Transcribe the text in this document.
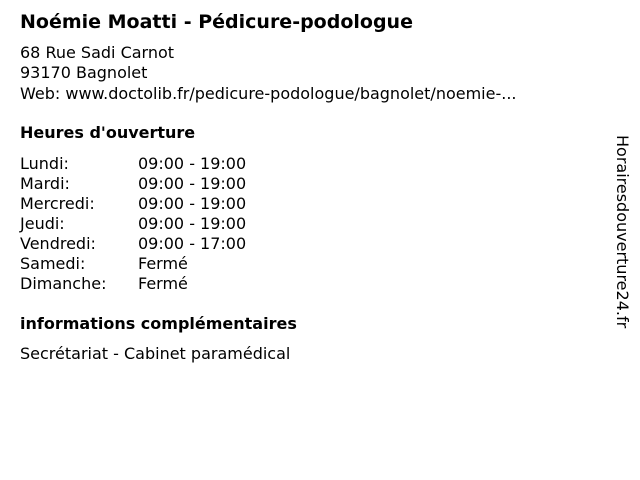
Noémie Moatti - Pédicure-podologue
68 Rue Sadi Carnot
93170 Bagnolet
Web: www.doctolib.fr/pedicure-podologue/bagnolet/noemie-...
Heures d'ouverture
Lundi:	09:00 - 19:00
Mardi:	09:00 - 19:00
Mercredi:	09:00 - 19:00
Jeudi:	09:00 - 19:00
Vendredi:	09:00 - 17:00
Samedi:	Fermé
Dimanche: Fermé
informations complémentaires
Secrétariat - Cabinet paramédical
Horairesdouverture24.fr
